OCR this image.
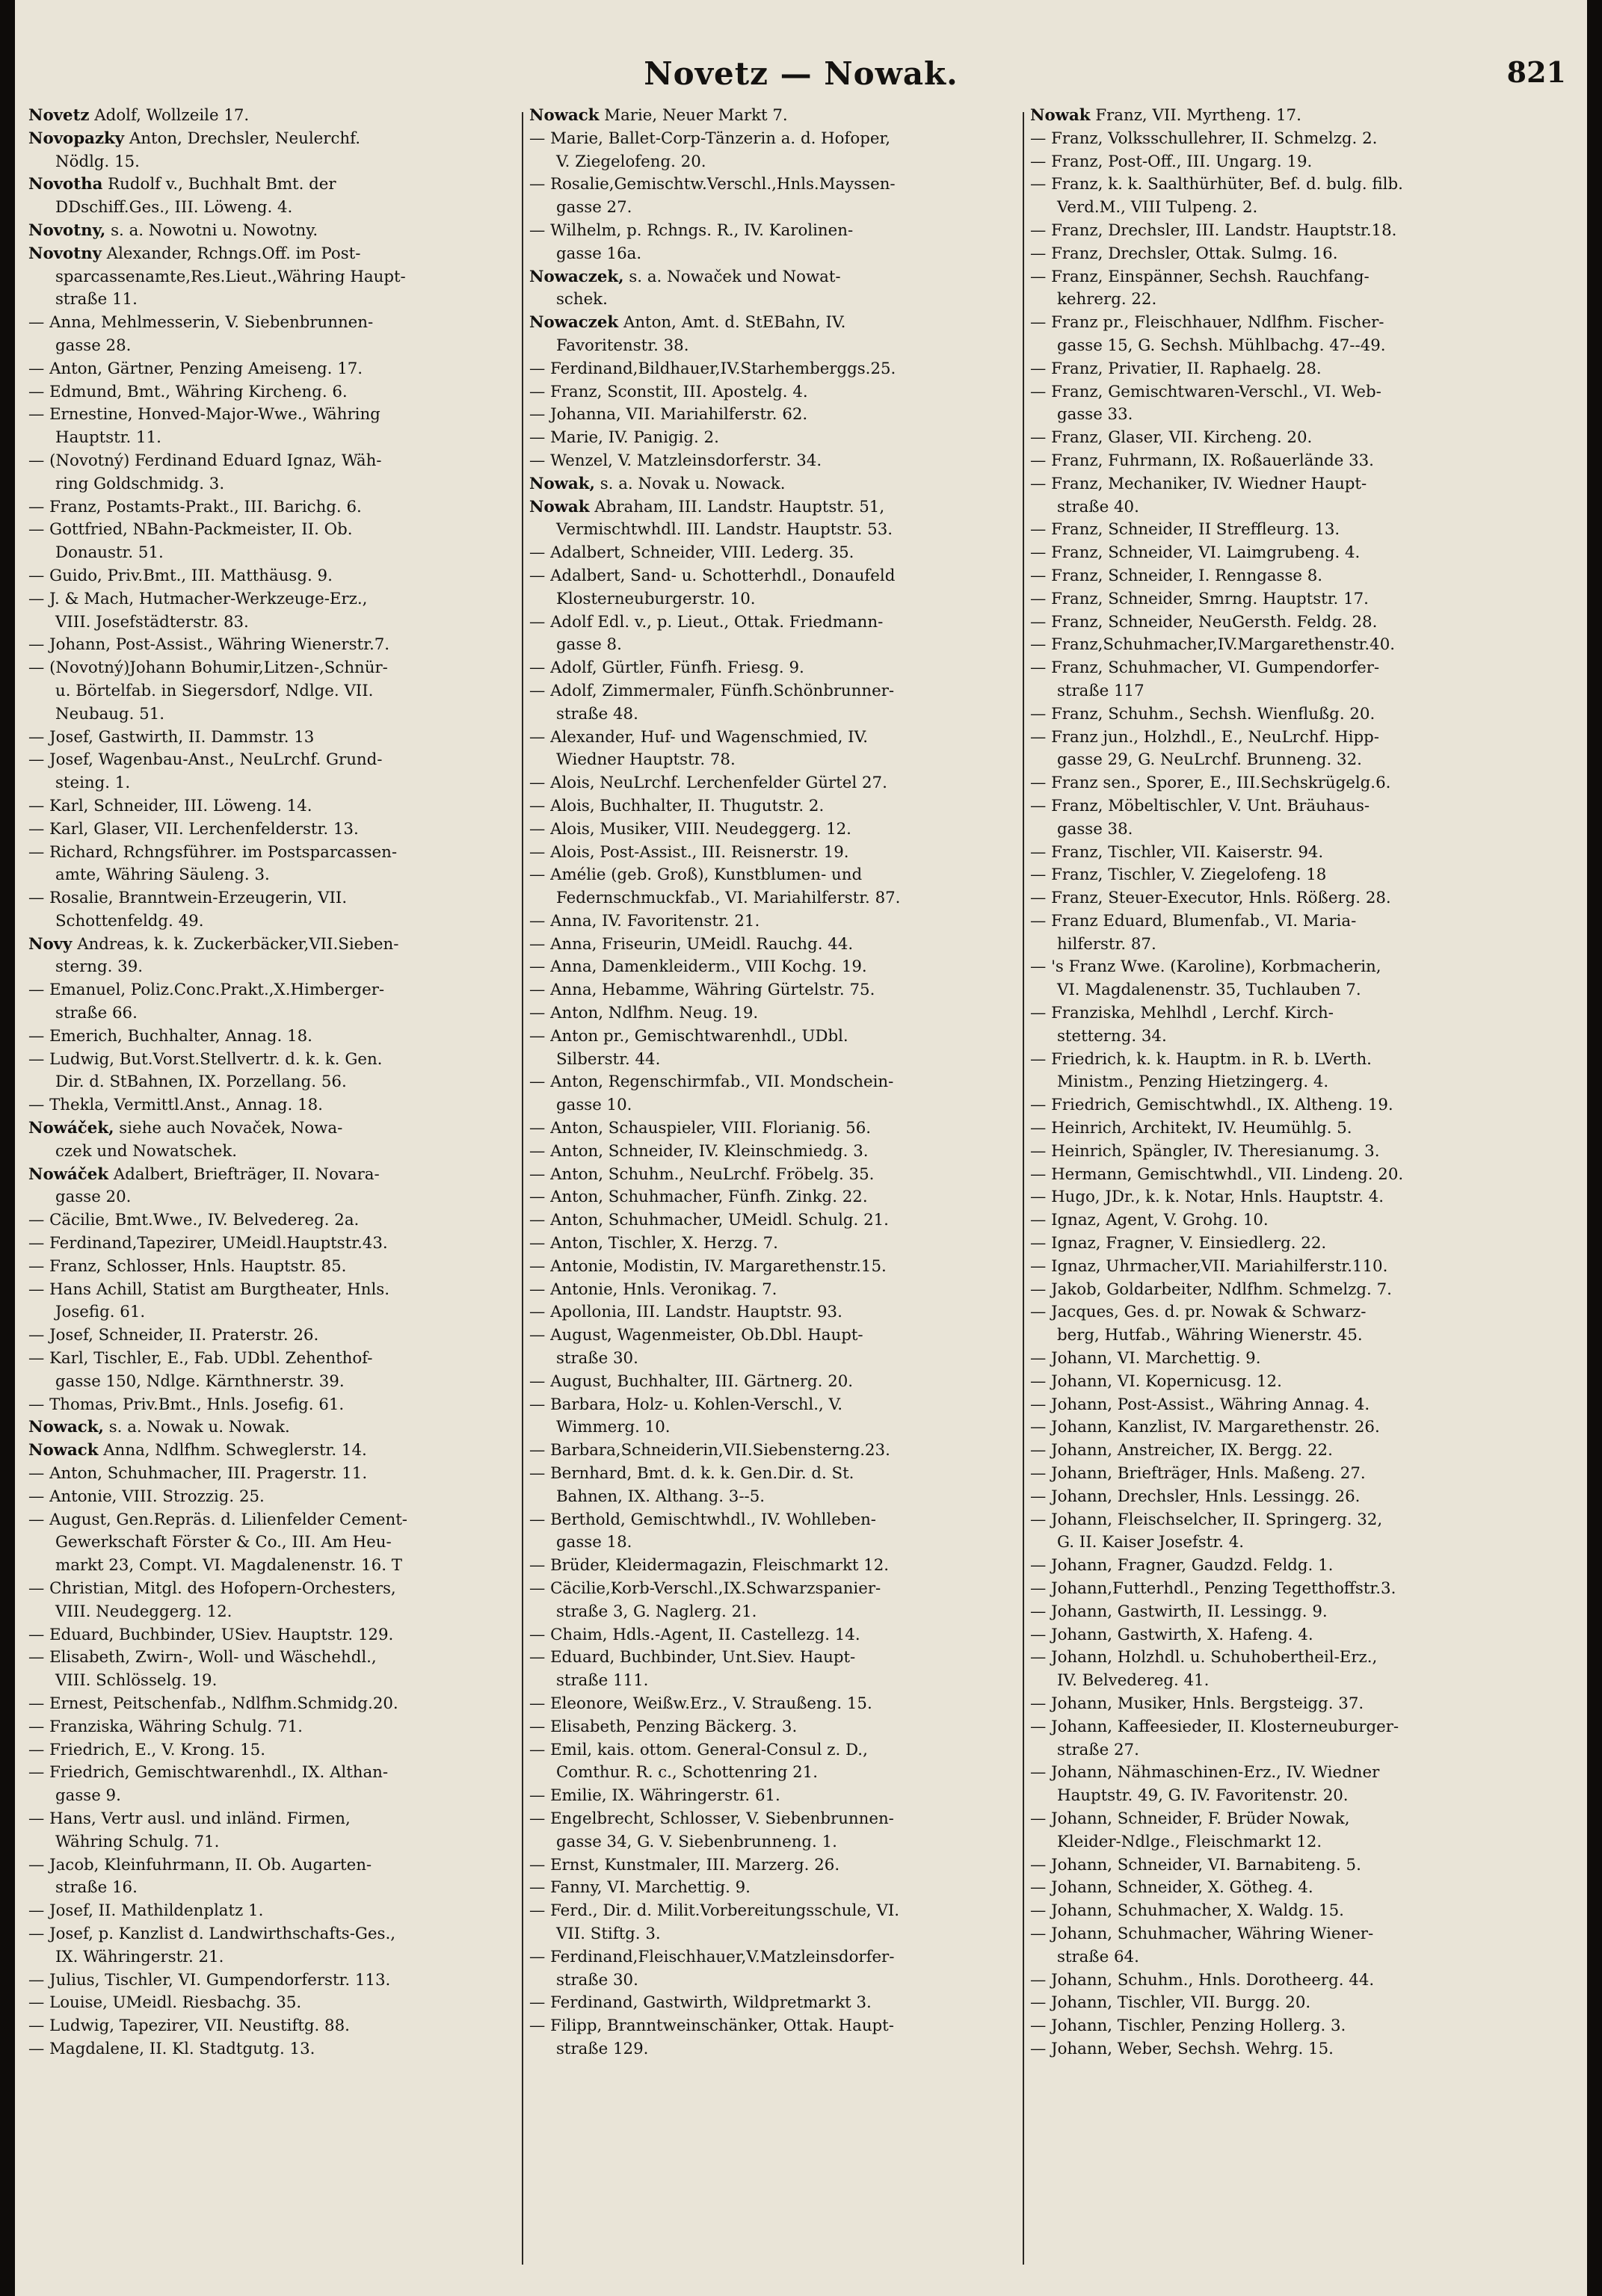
Novetz — Nowak.	821
Novetz Adolf, Wollzeile 17.
Novopazky Anton, Drechsler, Neulerchf.
Nödlg. 15.
Novotha Rudolf v., Buchhalt Bmt. der
DDschiff.Ges., III. Löweng. 4.
Novotny, s. a. Nowotni u. Nowotny.
Novotny Alexander, Rchngs.Off. im Post-
sparcassenamte,Res.Lieut.,Währing Haupt-
straße 11.
— Anna, Mehlmesserin, V. Siebenbrunnen-
gasse 28.
— Anton, Gärtner, Penzing Ameiseng. 17.
— Edmund, Bmt., Währing Kircheng. 6.
— Ernestine, Honved-Major-Wwe., Währing
Hauptstr. 11.
— (Novotný) Ferdinand Eduard Ignaz, Wäh-
ring Goldschmidg. 3.
— Franz, Postamts-Prakt., III. Barichg. 6.
— Gottfried, NBahn-Packmeister, II. Ob.
Donaustr. 51.
— Guido, Priv.Bmt., III. Matthäusg. 9.
— J. & Mach, Hutmacher-Werkzeuge-Erz.,
VIII. Josefstädterstr. 83.
— Johann, Post-Assist., Währing Wienerstr.7.
— (Novotný)Johann Bohumir,Litzen-,Schnür-
u. Börtelfab. in Siegersdorf, Ndlge. VII.
Neubaug. 51.
— Josef, Gastwirth, II. Dammstr. 13
— Josef, Wagenbau-Anst., NeuLrchf. Grund-
steing. 1.
— Karl, Schneider, III. Löweng. 14.
— Karl, Glaser, VII. Lerchenfelderstr. 13.
— Richard, Rchngsführer. im Postsparcassen-
amte, Währing Säuleng. 3.
— Rosalie, Branntwein-Erzeugerin, VII.
Schottenfeldg. 49.
Novy Andreas, k. k. Zuckerbäcker,VII.Sieben-
sterng. 39.
— Emanuel, Poliz.Conc.Prakt.,X.Himberger-
straße 66.
— Emerich, Buchhalter, Annag. 18.
— Ludwig, But.Vorst.Stellvertr. d. k. k. Gen.
Dir. d. StBahnen, IX. Porzellang. 56.
— Thekla, Vermittl.Anst., Annag. 18.
Nowáček, siehe auch Novaček, Nowa-
czek und Nowatschek.
Nowáček Adalbert, Briefträger, II. Novara-
gasse 20.
— Cäcilie, Bmt.Wwe., IV. Belvedereg. 2a.
— Ferdinand,Tapezirer, UMeidl.Hauptstr.43.
— Franz, Schlosser, Hnls. Hauptstr. 85.
— Hans Achill, Statist am Burgtheater, Hnls.
Josefig. 61.
— Josef, Schneider, II. Praterstr. 26.
— Karl, Tischler, E., Fab. UDbl. Zehenthof-
gasse 150, Ndlge. Kärnthnerstr. 39.
— Thomas, Priv.Bmt., Hnls. Josefig. 61.
Nowack, s. a. Nowak u. Nowak.
Nowack Anna, Ndlfhm. Schweglerstr. 14.
— Anton, Schuhmacher, III. Pragerstr. 11.
— Antonie, VIII. Strozzig. 25.
— August, Gen.Repräs. d. Lilienfelder Cement-
Gewerkschaft Förster & Co., III. Am Heu-
markt 23, Compt. VI. Magdalenenstr. 16. T
— Christian, Mitgl. des Hofopern-Orchesters,
VIII. Neudeggerg. 12.
— Eduard, Buchbinder, USiev. Hauptstr. 129.
— Elisabeth, Zwirn-, Woll- und Wäschehdl.,
VIII. Schlösselg. 19.
— Ernest, Peitschenfab., Ndlfhm.Schmidg.20.
— Franziska, Währing Schulg. 71.
— Friedrich, E., V. Krong. 15.
— Friedrich, Gemischtwarenhdl., IX. Althan-
gasse 9.
— Hans, Vertr ausl. und inländ. Firmen,
Währing Schulg. 71.
— Jacob, Kleinfuhrmann, II. Ob. Augarten-
straße 16.
— Josef, II. Mathildenplatz 1.
— Josef, p. Kanzlist d. Landwirthschafts-Ges.,
IX. Währingerstr. 21.
— Julius, Tischler, VI. Gumpendorferstr. 113.
— Louise, UMeidl. Riesbachg. 35.
— Ludwig, Tapezirer, VII. Neustiftg. 88.
— Magdalene, II. Kl. Stadtgutg. 13.
Nowack Marie, Neuer Markt 7.
— Marie, Ballet-Corp-Tänzerin a. d. Hofoper,
V. Ziegelofeng. 20.
— Rosalie,Gemischtw.Verschl.,Hnls.Mayssen-
gasse 27.
— Wilhelm, p. Rchngs. R., IV. Karolinen-
gasse 16a.
Nowaczek, s. a. Nowaček und Nowat-
schek.
Nowaczek Anton, Amt. d. StEBahn, IV.
Favoritenstr. 38.
— Ferdinand,Bildhauer,IV.Starhemberggs.25.
— Franz, Sconstit, III. Apostelg. 4.
— Johanna, VII. Mariahilferstr. 62.
— Marie, IV. Panigig. 2.
— Wenzel, V. Matzleinsdorferstr. 34.
Nowak, s. a. Novak u. Nowack.
Nowak Abraham, III. Landstr. Hauptstr. 51,
Vermischtwhdl. III. Landstr. Hauptstr. 53.
— Adalbert, Schneider, VIII. Lederg. 35.
— Adalbert, Sand- u. Schotterhdl., Donaufeld
Klosterneuburgerstr. 10.
— Adolf Edl. v., p. Lieut., Ottak. Friedmann-
gasse 8.
— Adolf, Gürtler, Fünfh. Friesg. 9.
— Adolf, Zimmermaler, Fünfh.Schönbrunner-
straße 48.
— Alexander, Huf- und Wagenschmied, IV.
Wiedner Hauptstr. 78.
— Alois, NeuLrchf. Lerchenfelder Gürtel 27.
— Alois, Buchhalter, II. Thugutstr. 2.
— Alois, Musiker, VIII. Neudeggerg. 12.
— Alois, Post-Assist., III. Reisnerstr. 19.
— Amélie (geb. Groß), Kunstblumen- und
Federnschmuckfab., VI. Mariahilferstr. 87.
— Anna, IV. Favoritenstr. 21.
— Anna, Friseurin, UMeidl. Rauchg. 44.
— Anna, Damenkleiderm., VIII Kochg. 19.
— Anna, Hebamme, Währing Gürtelstr. 75.
— Anton, Ndlfhm. Neug. 19.
— Anton pr., Gemischtwarenhdl., UDbl.
Silberstr. 44.
— Anton, Regenschirmfab., VII. Mondschein-
gasse 10.
— Anton, Schauspieler, VIII. Florianig. 56.
— Anton, Schneider, IV. Kleinschmiedg. 3.
— Anton, Schuhm., NeuLrchf. Fröbelg. 35.
— Anton, Schuhmacher, Fünfh. Zinkg. 22.
— Anton, Schuhmacher, UMeidl. Schulg. 21.
— Anton, Tischler, X. Herzg. 7.
— Antonie, Modistin, IV. Margarethenstr.15.
— Antonie, Hnls. Veronikag. 7.
— Apollonia, III. Landstr. Hauptstr. 93.
— August, Wagenmeister, Ob.Dbl. Haupt-
straße 30.
— August, Buchhalter, III. Gärtnerg. 20.
— Barbara, Holz- u. Kohlen-Verschl., V.
Wimmerg. 10.
— Barbara,Schneiderin,VII.Siebensterng.23.
— Bernhard, Bmt. d. k. k. Gen.Dir. d. St.
Bahnen, IX. Althang. 3--5.
— Berthold, Gemischtwhdl., IV. Wohlleben-
gasse 18.
— Brüder, Kleidermagazin, Fleischmarkt 12.
— Cäcilie,Korb-Verschl.,IX.Schwarzspanier-
straße 3, G. Naglerg. 21.
— Chaim, Hdls.-Agent, II. Castellezg. 14.
— Eduard, Buchbinder, Unt.Siev. Haupt-
straße 111.
— Eleonore, Weißw.Erz., V. Straußeng. 15.
— Elisabeth, Penzing Bäckerg. 3.
— Emil, kais. ottom. General-Consul z. D.,
Comthur. R. c., Schottenring 21.
— Emilie, IX. Währingerstr. 61.
— Engelbrecht, Schlosser, V. Siebenbrunnen-
gasse 34, G. V. Siebenbrunneng. 1.
— Ernst, Kunstmaler, III. Marzerg. 26.
— Fanny, VI. Marchettig. 9.
— Ferd., Dir. d. Milit.Vorbereitungsschule, VI.
VII. Stiftg. 3.
— Ferdinand,Fleischhauer,V.Matzleinsdorfer-
straße 30.
— Ferdinand, Gastwirth, Wildpretmarkt 3.
— Filipp, Branntweinschänker, Ottak. Haupt-
straße 129.
Nowak Franz, VII. Myrtheng. 17.
— Franz, Volksschullehrer, II. Schmelzg. 2.
— Franz, Post-Off., III. Ungarg. 19.
— Franz, k. k. Saalthürhüter, Bef. d. bulg. filb.
Verd.M., VIII Tulpeng. 2.
— Franz, Drechsler, III. Landstr. Hauptstr.18.
— Franz, Drechsler, Ottak. Sulmg. 16.
— Franz, Einspänner, Sechsh. Rauchfang-
kehrerg. 22.
— Franz pr., Fleischhauer, Ndlfhm. Fischer-
gasse 15, G. Sechsh. Mühlbachg. 47--49.
— Franz, Privatier, II. Raphaelg. 28.
— Franz, Gemischtwaren-Verschl., VI. Web-
gasse 33.
— Franz, Glaser, VII. Kircheng. 20.
— Franz, Fuhrmann, IX. Roßauerlände 33.
— Franz, Mechaniker, IV. Wiedner Haupt-
straße 40.
— Franz, Schneider, II Streffleurg. 13.
— Franz, Schneider, VI. Laimgrubeng. 4.
— Franz, Schneider, I. Renngasse 8.
— Franz, Schneider, Smrng. Hauptstr. 17.
— Franz, Schneider, NeuGersth. Feldg. 28.
— Franz,Schuhmacher,IV.Margarethenstr.40.
— Franz, Schuhmacher, VI. Gumpendorfer-
straße 117
— Franz, Schuhm., Sechsh. Wienflußg. 20.
— Franz jun., Holzhdl., E., NeuLrchf. Hipp-
gasse 29, G. NeuLrchf. Brunneng. 32.
— Franz sen., Sporer, E., III.Sechskrügelg.6.
— Franz, Möbeltischler, V. Unt. Bräuhaus-
gasse 38.
— Franz, Tischler, VII. Kaiserstr. 94.
— Franz, Tischler, V. Ziegelofeng. 18
— Franz, Steuer-Executor, Hnls. Rößerg. 28.
— Franz Eduard, Blumenfab., VI. Maria-
hilferstr. 87.
— 's Franz Wwe. (Karoline), Korbmacherin,
VI. Magdalenenstr. 35, Tuchlauben 7.
— Franziska, Mehlhdl , Lerchf. Kirch-
stetterng. 34.
— Friedrich, k. k. Hauptm. in R. b. LVerth.
Ministm., Penzing Hietzingerg. 4.
— Friedrich, Gemischtwhdl., IX. Altheng. 19.
— Heinrich, Architekt, IV. Heumühlg. 5.
— Heinrich, Spängler, IV. Theresianumg. 3.
— Hermann, Gemischtwhdl., VII. Lindeng. 20.
— Hugo, JDr., k. k. Notar, Hnls. Hauptstr. 4.
— Ignaz, Agent, V. Grohg. 10.
— Ignaz, Fragner, V. Einsiedlerg. 22.
— Ignaz, Uhrmacher,VII. Mariahilferstr.110.
— Jakob, Goldarbeiter, Ndlfhm. Schmelzg. 7.
— Jacques, Ges. d. pr. Nowak & Schwarz-
berg, Hutfab., Währing Wienerstr. 45.
— Johann, VI. Marchettig. 9.
— Johann, VI. Kopernicusg. 12.
— Johann, Post-Assist., Währing Annag. 4.
— Johann, Kanzlist, IV. Margarethenstr. 26.
— Johann, Anstreicher, IX. Bergg. 22.
— Johann, Briefträger, Hnls. Maßeng. 27.
— Johann, Drechsler, Hnls. Lessingg. 26.
— Johann, Fleischselcher, II. Springerg. 32,
G. II. Kaiser Josefstr. 4.
— Johann, Fragner, Gaudzd. Feldg. 1.
— Johann,Futterhdl., Penzing Tegetthoffstr.3.
— Johann, Gastwirth, II. Lessingg. 9.
— Johann, Gastwirth, X. Hafeng. 4.
— Johann, Holzhdl. u. Schuhobertheil-Erz.,
IV. Belvedereg. 41.
— Johann, Musiker, Hnls. Bergsteigg. 37.
— Johann, Kaffeesieder, II. Klosterneuburger-
straße 27.
— Johann, Nähmaschinen-Erz., IV. Wiedner
Hauptstr. 49, G. IV. Favoritenstr. 20.
— Johann, Schneider, F. Brüder Nowak,
Kleider-Ndlge., Fleischmarkt 12.
— Johann, Schneider, VI. Barnabiteng. 5.
— Johann, Schneider, X. Götheg. 4.
— Johann, Schuhmacher, X. Waldg. 15.
— Johann, Schuhmacher, Währing Wiener-
straße 64.
— Johann, Schuhm., Hnls. Dorotheerg. 44.
— Johann, Tischler, VII. Burgg. 20.
— Johann, Tischler, Penzing Hollerg. 3.
— Johann, Weber, Sechsh. Wehrg. 15.
